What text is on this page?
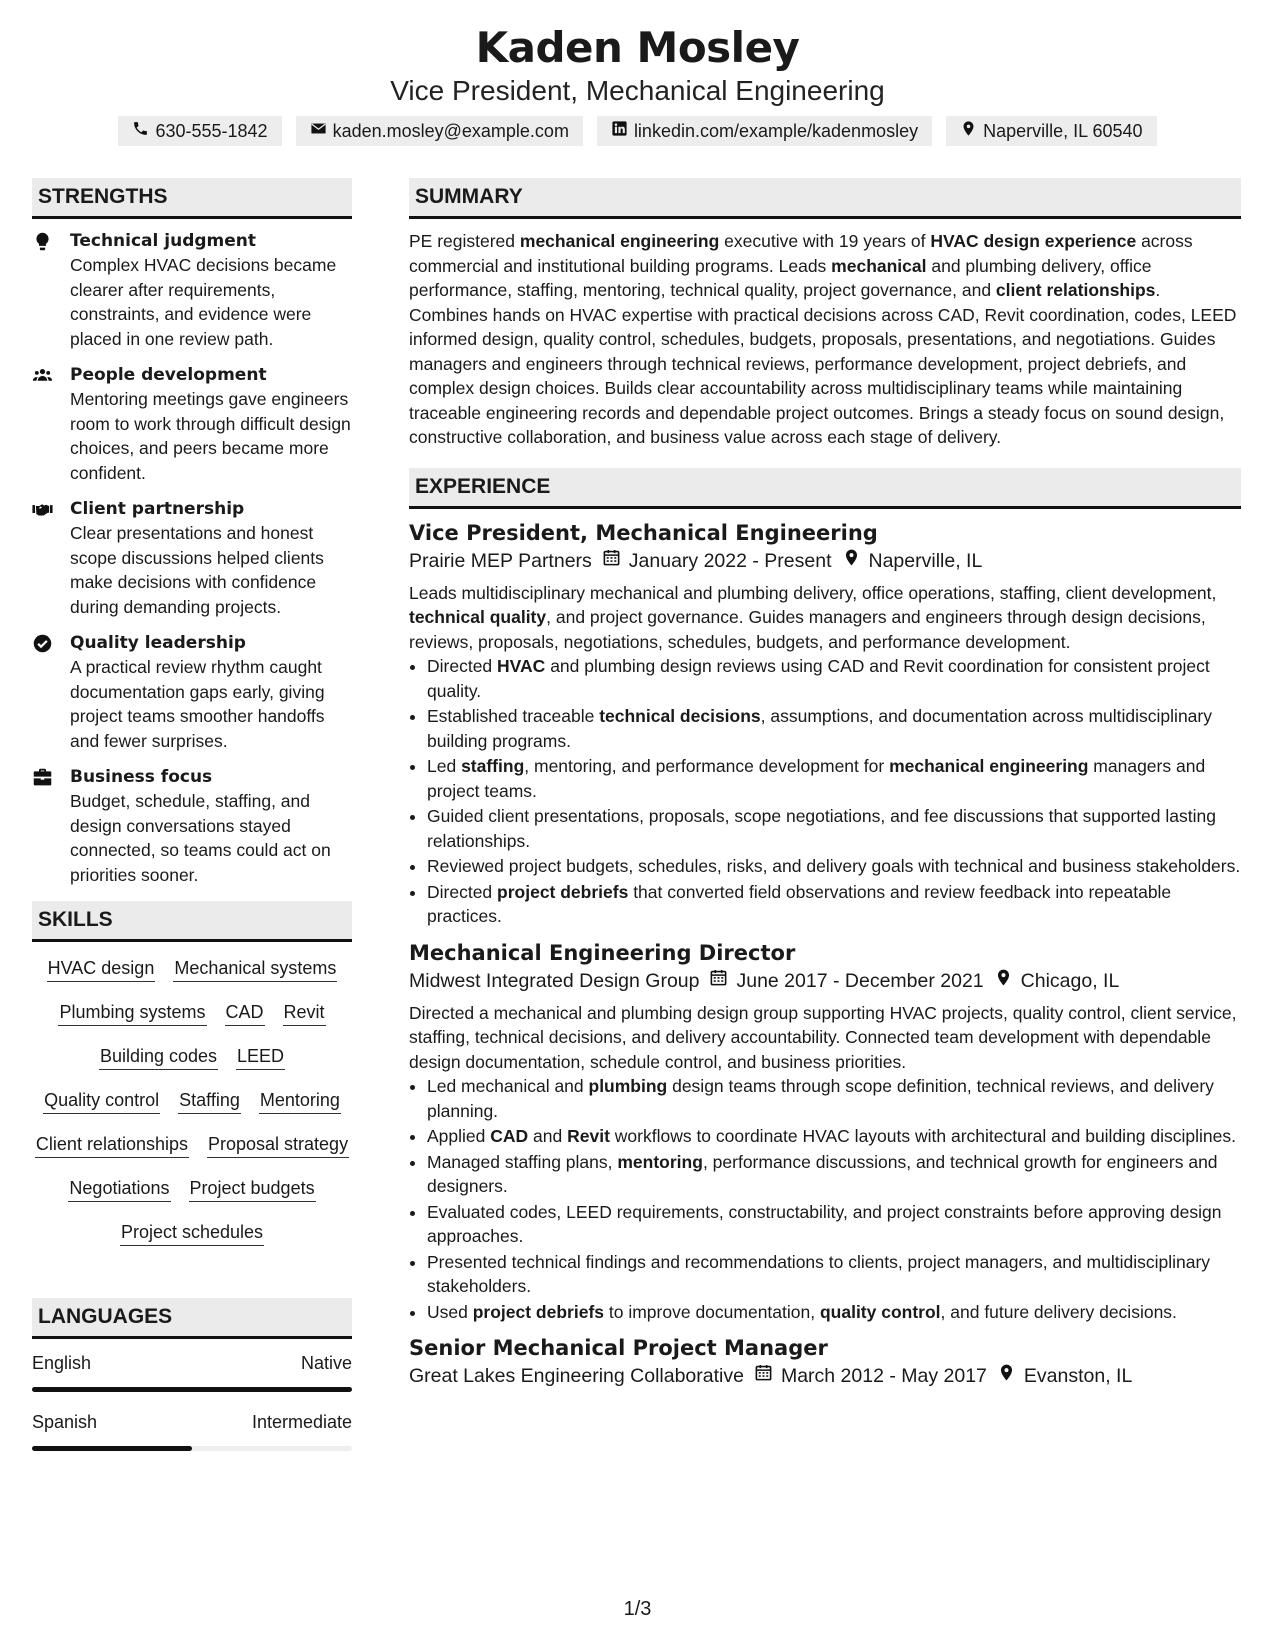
Kaden Mosley
Vice President, Mechanical Engineering
630-555-1842	kaden.mosley@example.com	linkedin.com/example/kadenmosley	Naperville, IL 60540
STRENGTHS
Technical judgment
Complex HVAC decisions became clearer after requirements, constraints, and evidence were placed in one review path.
People development
Mentoring meetings gave engineers room to work through difficult design choices, and peers became more confident.
Client partnership
Clear presentations and honest scope discussions helped clients make decisions with confidence during demanding projects.
Quality leadership
A practical review rhythm caught documentation gaps early, giving project teams smoother handoffs and fewer surprises.
Business focus
Budget, schedule, staffing, and design conversations stayed connected, so teams could act on priorities sooner.
SKILLS
HVAC design Mechanical systems
Plumbing systems CAD Revit
Building codes LEED
Quality control Staffing Mentoring
Client relationships Proposal strategy
Negotiations Project budgets
Project schedules
LANGUAGES
English	Native
Spanish	Intermediate
SUMMARY
PE registered mechanical engineering executive with 19 years of HVAC design experience across commercial and institutional building programs. Leads mechanical and plumbing delivery, office performance, staffing, mentoring, technical quality, project governance, and client relationships. Combines hands on HVAC expertise with practical decisions across CAD, Revit coordination, codes, LEED informed design, quality control, schedules, budgets, proposals, presentations, and negotiations. Guides managers and engineers through technical reviews, performance development, project debriefs, and complex design choices. Builds clear accountability across multidisciplinary teams while maintaining traceable engineering records and dependable project outcomes. Brings a steady focus on sound design, constructive collaboration, and business value across each stage of delivery.
EXPERIENCE
Vice President, Mechanical Engineering
Prairie MEP Partners January 2022 - Present Naperville, IL
Leads multidisciplinary mechanical and plumbing delivery, office operations, staffing, client development, technical quality, and project governance. Guides managers and engineers through design decisions, reviews, proposals, negotiations, schedules, budgets, and performance development.
• Directed HVAC and plumbing design reviews using CAD and Revit coordination for consistent project quality.
• Established traceable technical decisions, assumptions, and documentation across multidisciplinary building programs.
• Led staffing, mentoring, and performance development for mechanical engineering managers and project teams.
• Guided client presentations, proposals, scope negotiations, and fee discussions that supported lasting relationships.
• Reviewed project budgets, schedules, risks, and delivery goals with technical and business stakeholders.
• Directed project debriefs that converted field observations and review feedback into repeatable practices.
Mechanical Engineering Director
Midwest Integrated Design Group June 2017 - December 2021 Chicago, IL
Directed a mechanical and plumbing design group supporting HVAC projects, quality control, client service, staffing, technical decisions, and delivery accountability. Connected team development with dependable design documentation, schedule control, and business priorities.
• Led mechanical and plumbing design teams through scope definition, technical reviews, and delivery planning.
• Applied CAD and Revit workflows to coordinate HVAC layouts with architectural and building disciplines.
• Managed staffing plans, mentoring, performance discussions, and technical growth for engineers and designers.
• Evaluated codes, LEED requirements, constructability, and project constraints before approving design approaches.
• Presented technical findings and recommendations to clients, project managers, and multidisciplinary stakeholders.
• Used project debriefs to improve documentation, quality control, and future delivery decisions.
Senior Mechanical Project Manager
Great Lakes Engineering Collaborative March 2012 - May 2017 Evanston, IL
1/3
